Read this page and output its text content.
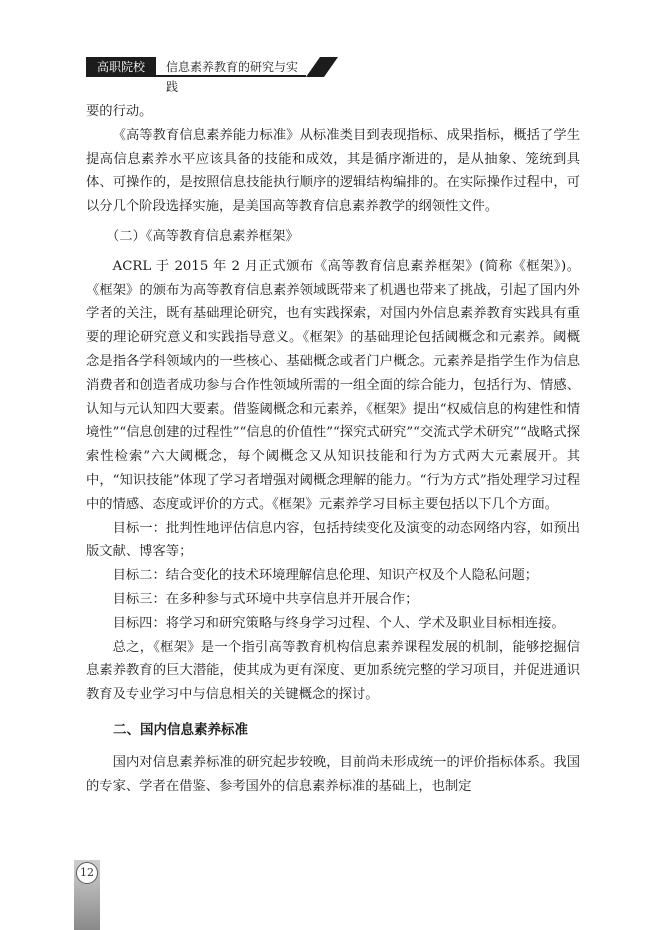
高职院校	信息素养教育的研究与实践

要的行动。

《高等教育信息素养能力标准》从标准类目到表现指标、成果指标，概括了学生提高信息素养水平应该具备的技能和成效，其是循序渐进的，是从抽象、笼统到具体、可操作的，是按照信息技能执行顺序的逻辑结构编排的。在实际操作过程中，可以分几个阶段选择实施，是美国高等教育信息素养教学的纲领性文件。

（二）《高等教育信息素养框架》

ACRL 于 2015 年 2 月正式颁布《高等教育信息素养框架》(简称《框架》)。《框架》的颁布为高等教育信息素养领域既带来了机遇也带来了挑战，引起了国内外学者的关注，既有基础理论研究，也有实践探索，对国内外信息素养教育实践具有重要的理论研究意义和实践指导意义。《框架》的基础理论包括阈概念和元素养。阈概念是指各学科领域内的一些核心、基础概念或者门户概念。元素养是指学生作为信息消费者和创造者成功参与合作性领域所需的一组全面的综合能力，包括行为、情感、认知与元认知四大要素。借鉴阈概念和元素养，《框架》提出“权威信息的构建性和情境性”“信息创建的过程性”“信息的价值性”“探究式研究”“交流式学术研究”“战略式探索性检索”六大阈概念，每个阈概念又从知识技能和行为方式两大元素展开。其中，“知识技能”体现了学习者增强对阈概念理解的能力。“行为方式”指处理学习过程中的情感、态度或评价的方式。《框架》元素养学习目标主要包括以下几个方面。

目标一：批判性地评估信息内容，包括持续变化及演变的动态网络内容，如预出版文献、博客等；

目标二：结合变化的技术环境理解信息伦理、知识产权及个人隐私问题；

目标三：在多种参与式环境中共享信息并开展合作；

目标四：将学习和研究策略与终身学习过程、个人、学术及职业目标相连接。

总之，《框架》是一个指引高等教育机构信息素养课程发展的机制，能够挖掘信息素养教育的巨大潜能，使其成为更有深度、更加系统完整的学习项目，并促进通识教育及专业学习中与信息相关的关键概念的探讨。

二、国内信息素养标准

国内对信息素养标准的研究起步较晚，目前尚未形成统一的评价指标体系。我国的专家、学者在借鉴、参考国外的信息素养标准的基础上，也制定

12
